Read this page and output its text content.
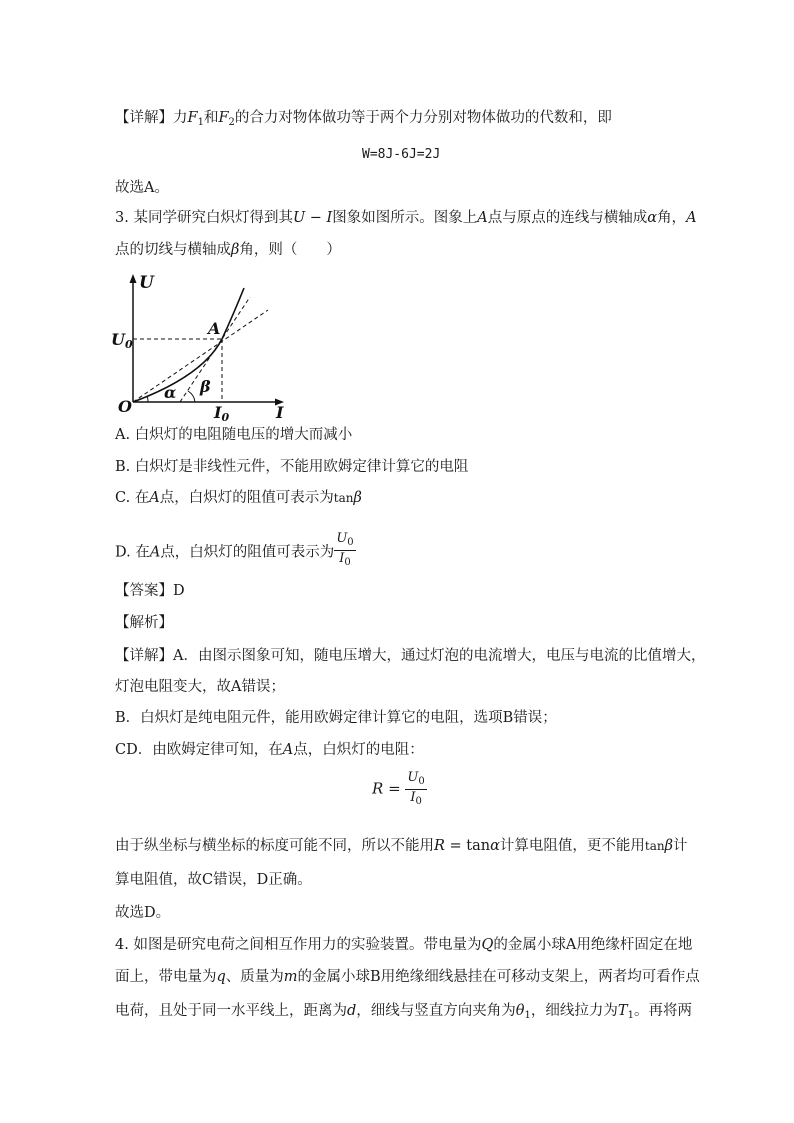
【详解】力$F_1$和$F_2$的合力对物体做功等于两个力分别对物体做功的代数和，即
W=8J-6J=2J
故选A。
3. 某同学研究白炽灯得到其U − I图象如图所示。图象上A点与原点的连线与横轴成α角，A
点的切线与横轴成β角，则（　　）
U
U0
A
O
α β
I0	I
A. 白炽灯的电阻随电压的增大而减小
B. 白炽灯是非线性元件，不能用欧姆定律计算它的电阻
C. 在A点，白炽灯的阻值可表示为tanβ
D. 在A点，白炽灯的阻值可表示为 $\frac{U_0}{I_0}$
【答案】D
【解析】
【详解】A．由图示图象可知，随电压增大，通过灯泡的电流增大，电压与电流的比值增大，
灯泡电阻变大，故A错误；
B．白炽灯是纯电阻元件，能用欧姆定律计算它的电阻，选项B错误；
CD．由欧姆定律可知，在A点，白炽灯的电阻：
$R = \frac{U_0}{I_0}$
由于纵坐标与横坐标的标度可能不同，所以不能用R = tanα计算电阻值，更不能用tanβ计
算电阻值，故C错误，D正确。
故选D。
4. 如图是研究电荷之间相互作用力的实验装置。带电量为Q的金属小球A用绝缘杆固定在地
面上，带电量为q、质量为m的金属小球B用绝缘细线悬挂在可移动支架上，两者均可看作点
电荷，且处于同一水平线上，距离为d，细线与竖直方向夹角为$\theta_1$，细线拉力为$T_1$。再将两
